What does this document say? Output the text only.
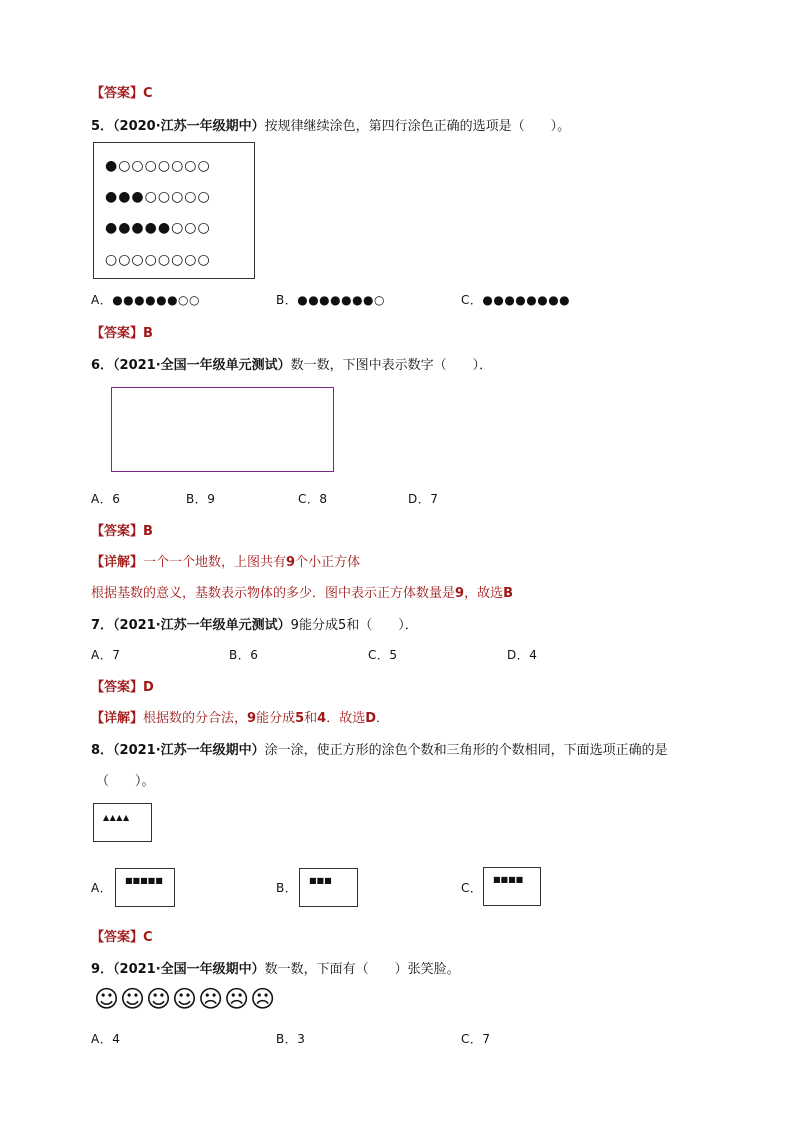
【答案】C
5．（2020·江苏一年级期中）按规律继续涂色，第四行涂色正确的选项是（　　）。
●○○○○○○○
●●●○○○○○
●●●●●○○○
○○○○○○○○
A．●●●●●●○○	B．●●●●●●●○	C．●●●●●●●●
【答案】B
6．（2021·全国一年级单元测试）数一数，下图中表示数字（　　）．
A．6	B．9	C．8	D．7
【答案】B
【详解】一个一个地数，上图共有9个小正方体
根据基数的意义，基数表示物体的多少．图中表示正方体数量是9，故选B
7．（2021·江苏一年级单元测试）9能分成5和（　　）．
A．7	B．6	C．5	D．4
【答案】D
【详解】根据数的分合法，9能分成5和4．故选D．
8．（2021·江苏一年级期中）涂一涂，使正方形的涂色个数和三角形的个数相同，下面选项正确的是
（　　）。
▲▲▲▲
A．
■■■■■
B．
■■■
C．
■■■■
【答案】C
9．（2021·全国一年级期中）数一数，下面有（　　）张笑脸。
☺☺☺☺☹☹☹
A．4	B．3	C．7
